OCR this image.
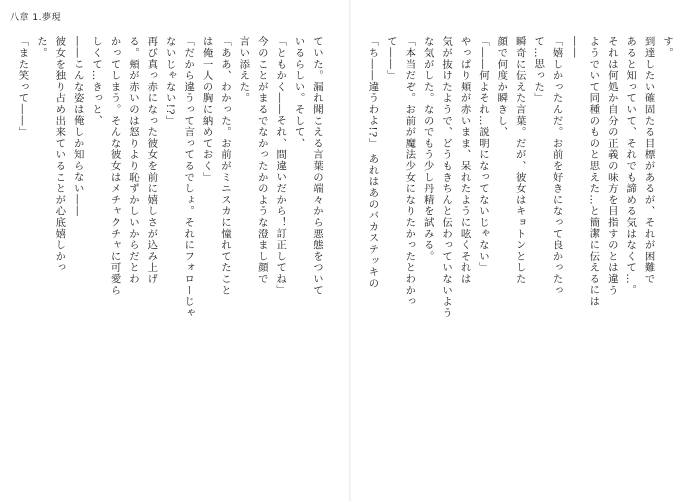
八章 1.夢現
ていた。漏れ聞こえる言葉の端々から悪態をついて
いるらしい。そして、
「ともかく――それ、間違いだから！訂正してね」
今のことがまるでなかったかのような澄まし顔で
言い添えた。
「ああ、わかった。お前がミニスカに憧れてたこと
は俺一人の胸に納めておく」
「だから違うって言ってるでしょ。それにフォローじゃ
ないじゃない!?」
再び真っ赤になった彼女を前に嬉しさが込み上げ
る。頬が赤いのは怒りより恥ずかしいからだとわ
かってしまう。そんな彼女はメチャクチャに可愛ら
しくて…きっと、
――こんな姿は俺しか知らない――
彼女を独り占め出来ていることが心底嬉しかっ
た。
「また笑って――」	す。
到達したい確固たる目標があるが、それが困難で
あると知っていて、それでも諦める気はなくて…。
それは何処か自分の正義の味方を目指すのとは違う
ようでいて同種のものと思えた…と簡潔に伝えるには
――
「嬉しかったんだ。お前を好きになって良かったっ
て…思った」
瞬奇に伝えた言葉。だが、彼女はキョトンとした
顔で何度か瞬きし、
「――何よそれ…説明になってないじゃない」
やっぱり頬が赤いまま、呆れたように呟くそれは
気が抜けたようで、どうもきちんと伝わっていないよう
な気がした。なのでもう少し丹精を試みる。
「本当だぞ。お前が魔法少女になりたかったとわかっ
て――」
「ち――違うわよ!?」 あれはあのバカステッキの
